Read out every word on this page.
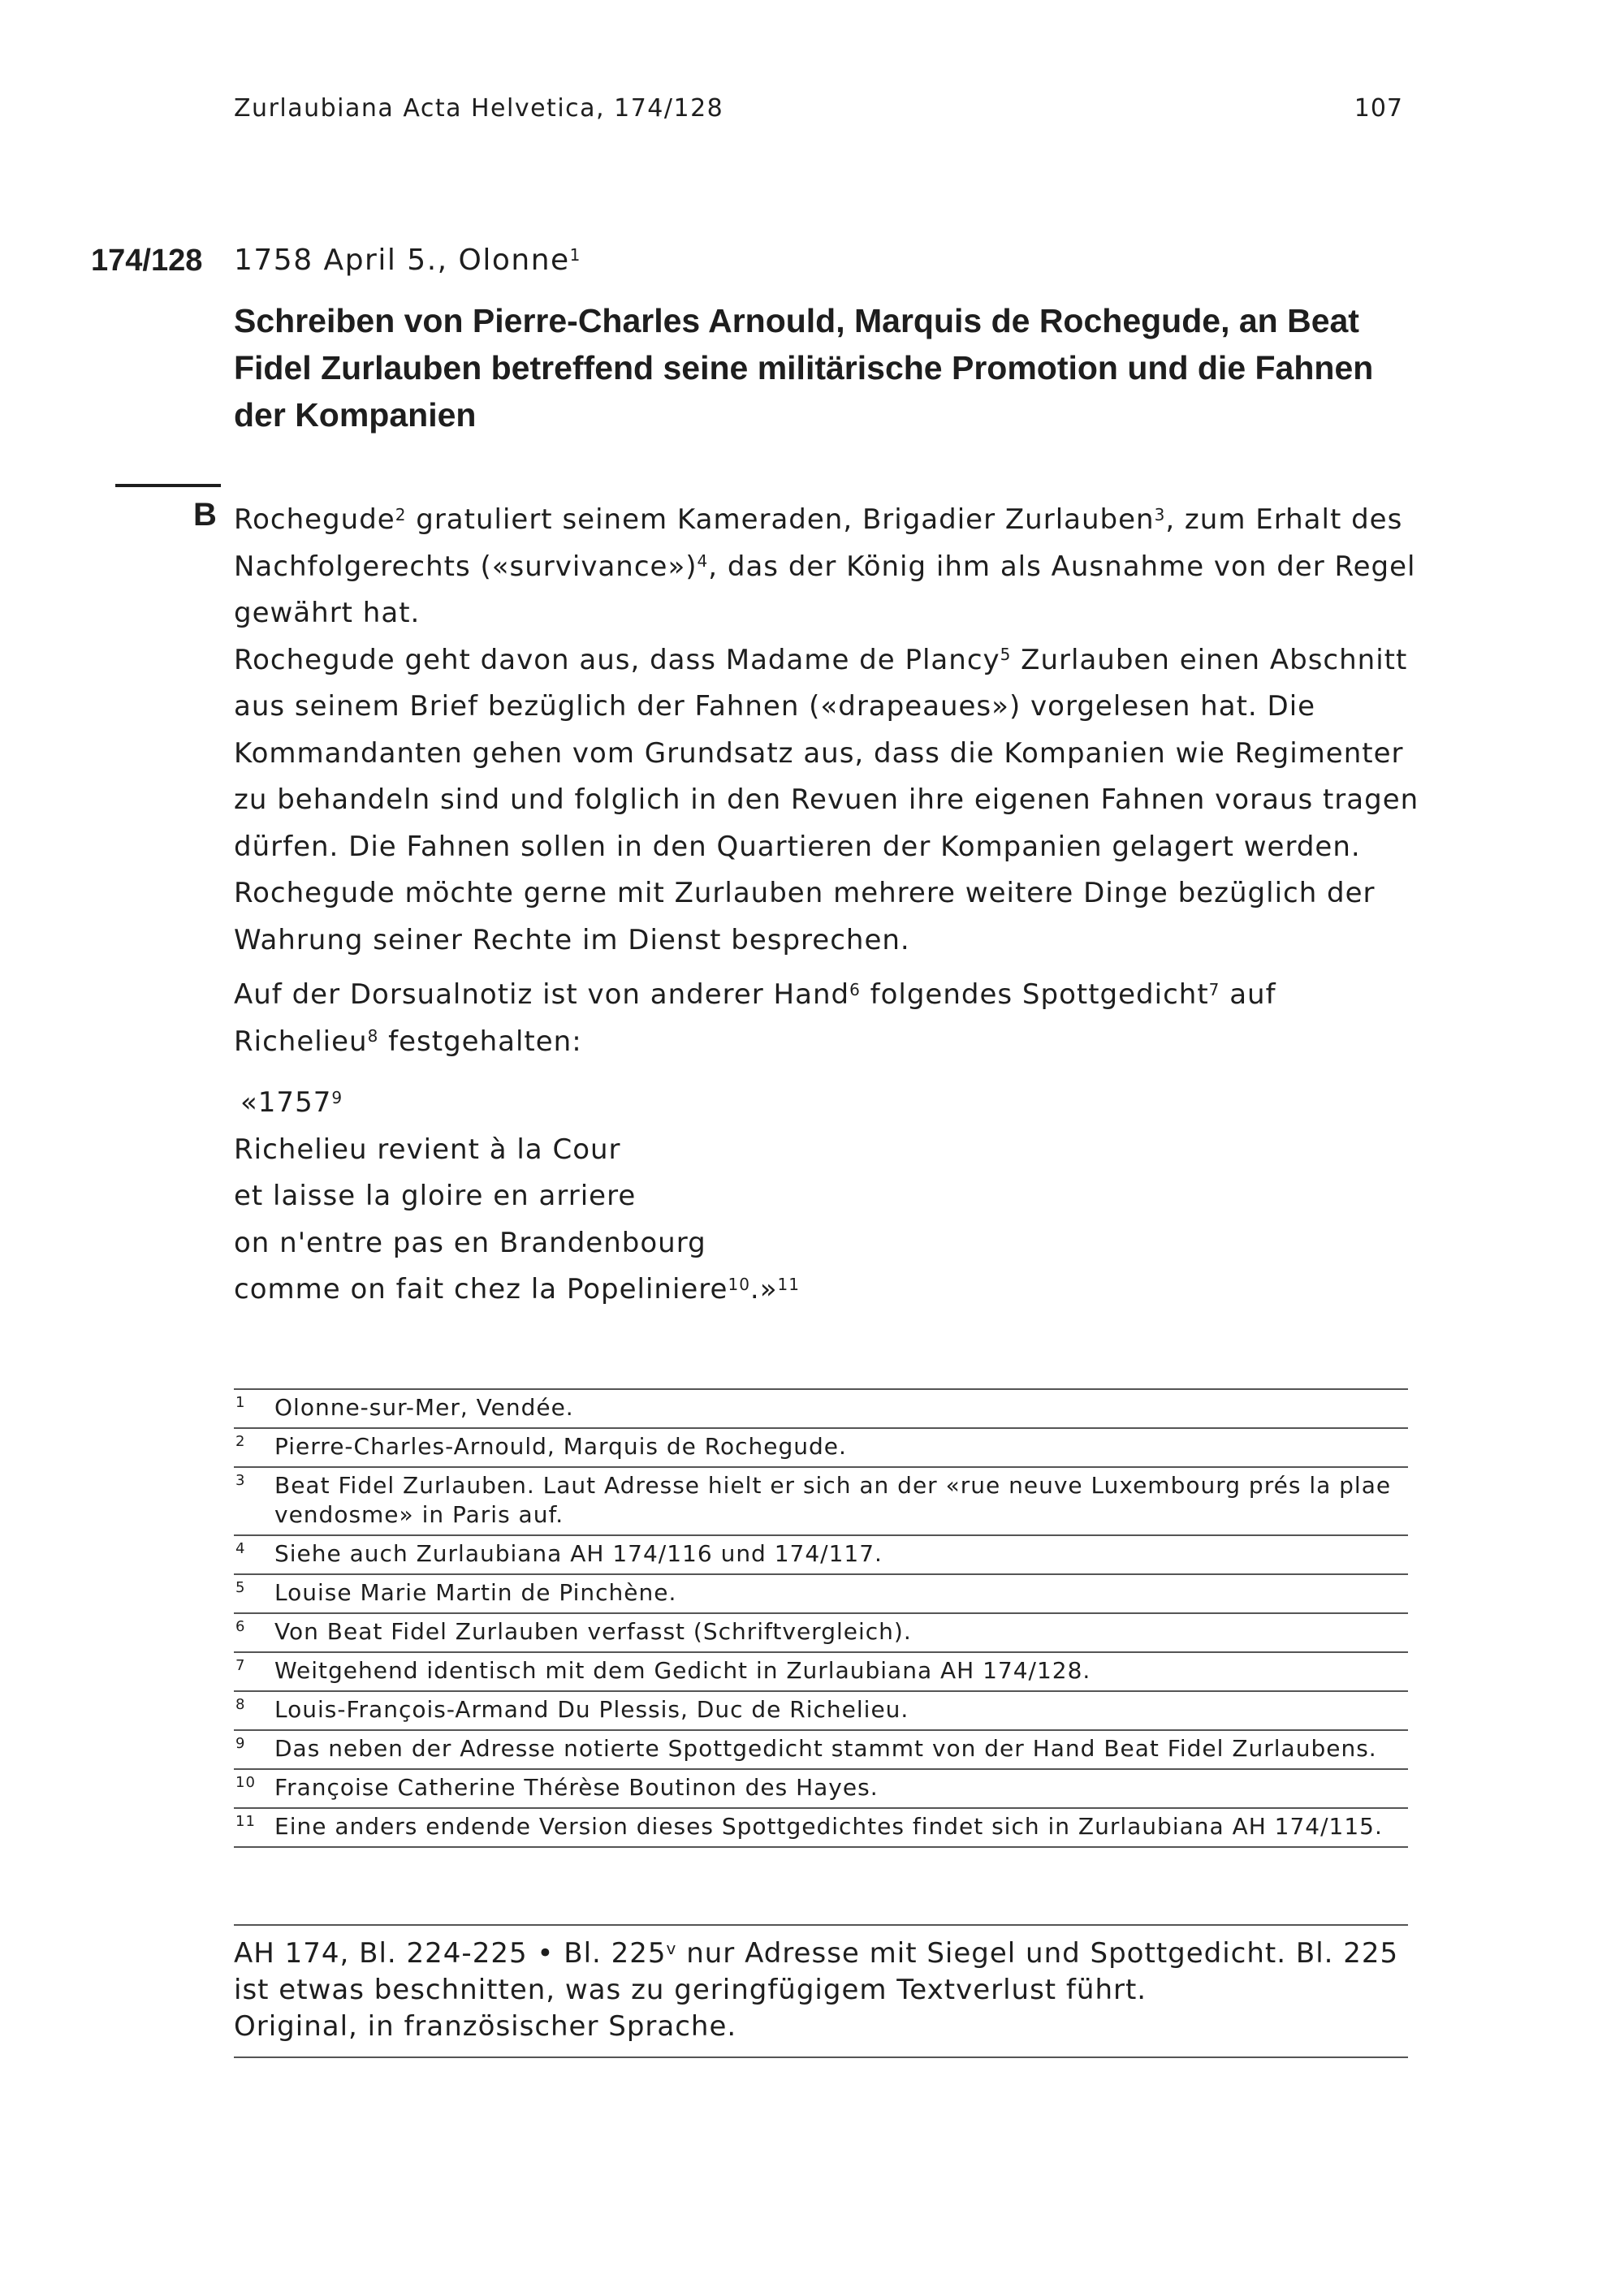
Zurlaubiana Acta Helvetica, 174/128	107
174/128 1758 April 5., Olonne$^1$
Schreiben von Pierre-Charles Arnould, Marquis de Rochegude, an Beat Fidel Zurlauben betreffend seine militärische Promotion und die Fahnen der Kompanien
B Rochegude$^2$ gratuliert seinem Kameraden, Brigadier Zurlauben$^3$, zum Erhalt des Nachfolgerechts («survivance»)$^4$, das der König ihm als Ausnahme von der Regel gewährt hat.

Rochegude geht davon aus, dass Madame de Plancy$^5$ Zurlauben einen Abschnitt aus seinem Brief bezüglich der Fahnen («drapeaues») vorgelesen hat. Die Kommandanten gehen vom Grundsatz aus, dass die Kompanien wie Regimenter zu behandeln sind und folglich in den Revuen ihre eigenen Fahnen voraus tragen dürfen. Die Fahnen sollen in den Quartieren der Kompanien gelagert werden. Rochegude möchte gerne mit Zurlauben mehrere weitere Dinge bezüglich der Wahrung seiner Rechte im Dienst besprechen.

Auf der Dorsualnotiz ist von anderer Hand$^6$ folgendes Spottgedicht$^7$ auf Richelieu$^8$ festgehalten:

«1757$^9$
Richelieu revient à la Cour
et laisse la gloire en arriere
on n'entre pas en Brandenbourg
comme on fait chez la Popeliniere$^{10}$.»$^{11}$
1	Olonne-sur-Mer, Vendée.
2	Pierre-Charles-Arnould, Marquis de Rochegude.
3	Beat Fidel Zurlauben. Laut Adresse hielt er sich an der «rue neuve Luxembourg prés la plae vendosme» in Paris auf.
4	Siehe auch Zurlaubiana AH 174/116 und 174/117.
5	Louise Marie Martin de Pinchène.
6	Von Beat Fidel Zurlauben verfasst (Schriftvergleich).
7	Weitgehend identisch mit dem Gedicht in Zurlaubiana AH 174/128.
8	Louis-François-Armand Du Plessis, Duc de Richelieu.
9	Das neben der Adresse notierte Spottgedicht stammt von der Hand Beat Fidel Zurlaubens.
10 Françoise Catherine Thérèse Boutinon des Hayes.
11 Eine anders endende Version dieses Spottgedichtes findet sich in Zurlaubiana AH 174/115.

AH 174, Bl. 224-225 • Bl. 225$^v$ nur Adresse mit Siegel und Spottgedicht. Bl. 225 ist etwas beschnitten, was zu geringfügigem Textverlust führt.

Original, in französischer Sprache.
